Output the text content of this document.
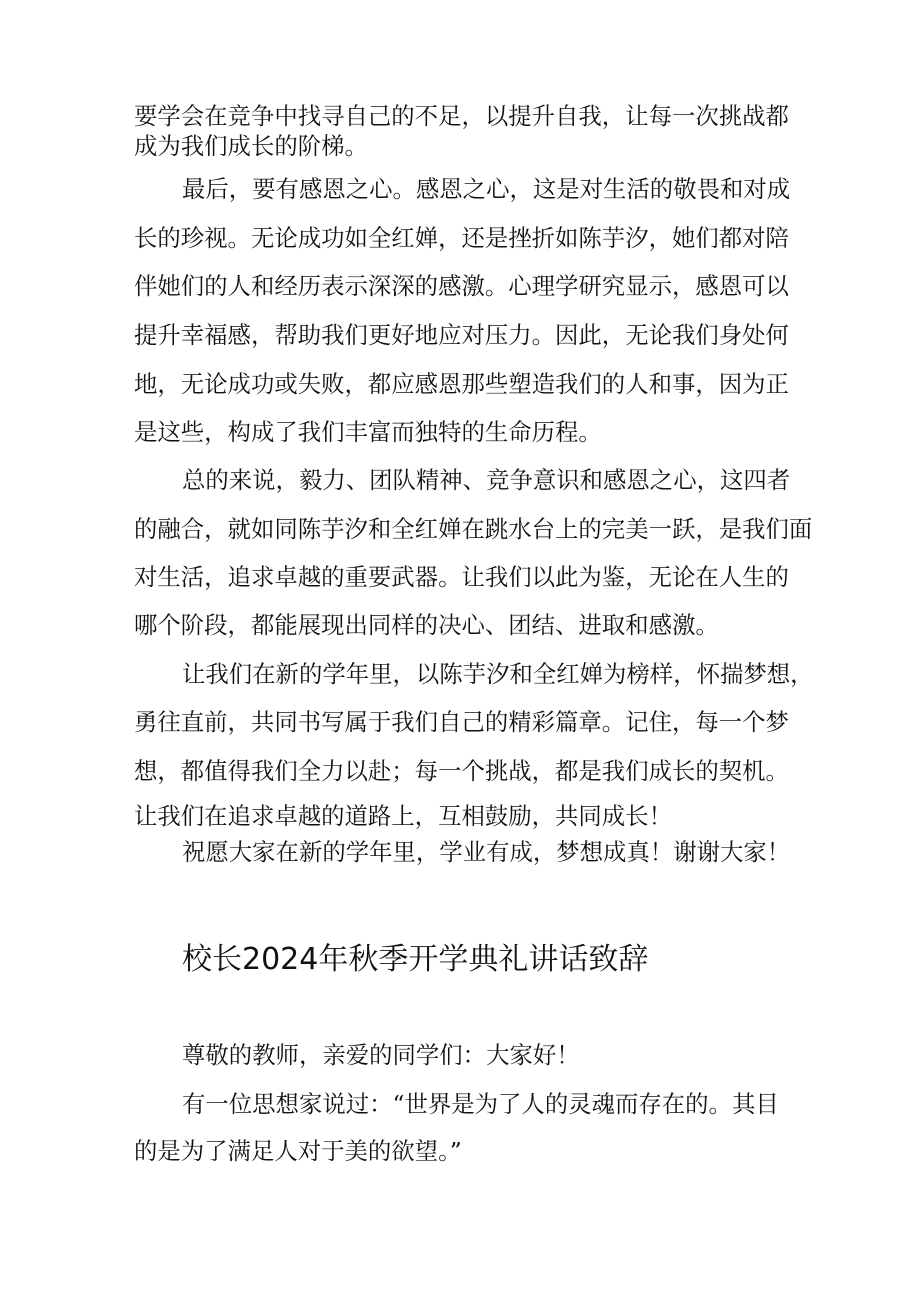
要学会在竞争中找寻自己的不足，以提升自我，让每一次挑战都
成为我们成长的阶梯。
最后，要有感恩之心。感恩之心，这是对生活的敬畏和对成
长的珍视。无论成功如全红婵，还是挫折如陈芋汐，她们都对陪
伴她们的人和经历表示深深的感激。心理学研究显示，感恩可以
提升幸福感，帮助我们更好地应对压力。因此，无论我们身处何
地，无论成功或失败，都应感恩那些塑造我们的人和事，因为正
是这些，构成了我们丰富而独特的生命历程。
总的来说，毅力、团队精神、竞争意识和感恩之心，这四者
的融合，就如同陈芋汐和全红婵在跳水台上的完美一跃，是我们面
对生活，追求卓越的重要武器。让我们以此为鉴，无论在人生的
哪个阶段，都能展现出同样的决心、团结、进取和感激。
让我们在新的学年里，以陈芋汐和全红婵为榜样，怀揣梦想，
勇往直前，共同书写属于我们自己的精彩篇章。记住，每一个梦
想，都值得我们全力以赴；每一个挑战，都是我们成长的契机。
让我们在追求卓越的道路上，互相鼓励，共同成长！
祝愿大家在新的学年里，学业有成，梦想成真！谢谢大家！
校长2024年秋季开学典礼讲话致辞
尊敬的教师，亲爱的同学们：大家好！
有一位思想家说过：“世界是为了人的灵魂而存在的。其目
的是为了满足人对于美的欲望。”
